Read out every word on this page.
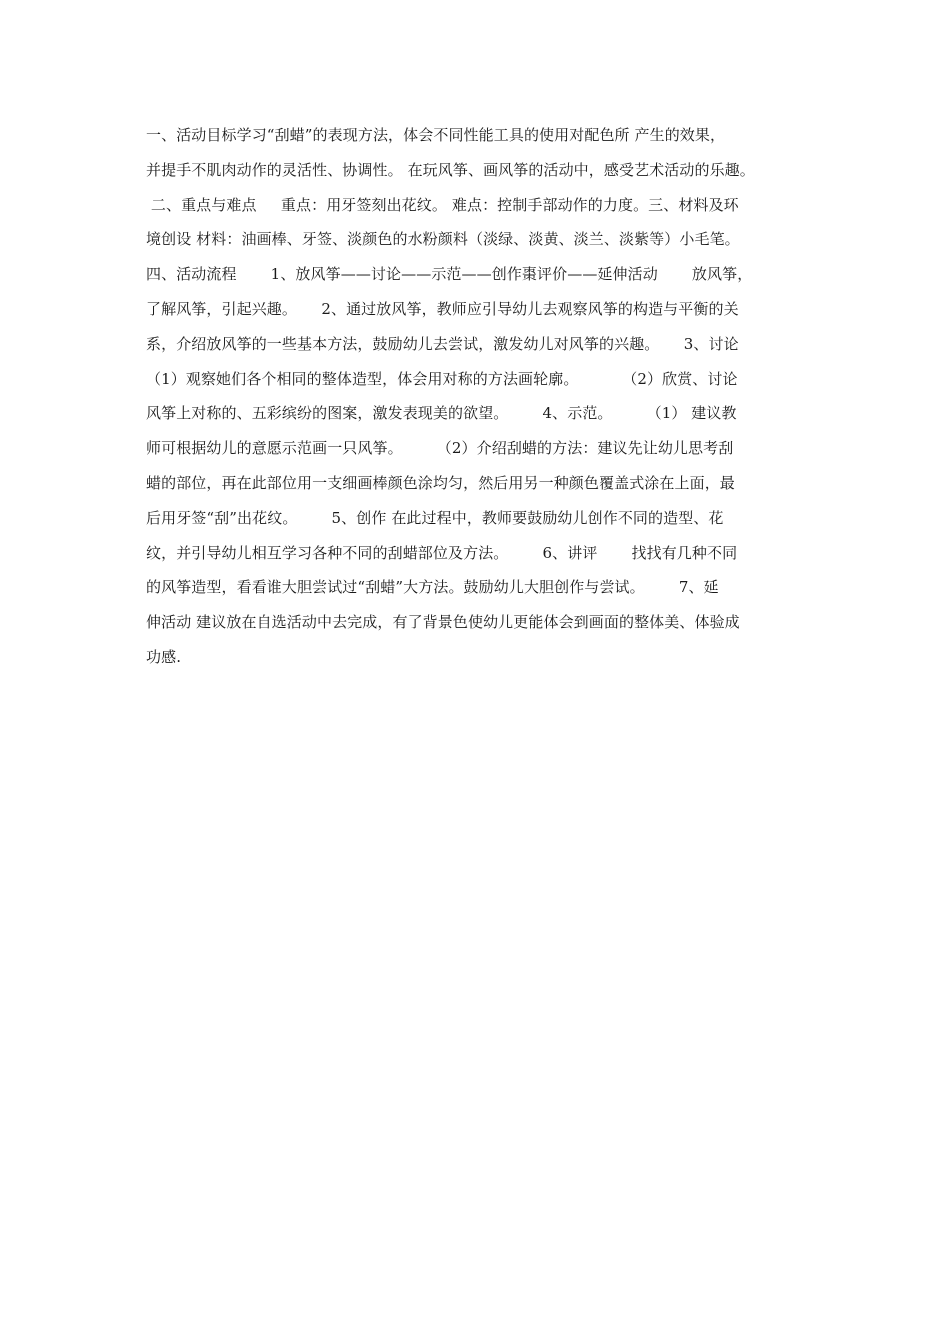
一、活动目标学习“刮蜡”的表现方法，体会不同性能工具的使用对配色所 产生的效果，
并提手不肌肉动作的灵活性、协调性。 在玩风筝、画风筝的活动中，感受艺术活动的乐趣。
二、重点与难点     重点：用牙签刻出花纹。 难点：控制手部动作的力度。三、材料及环
境创设 材料：油画棒、牙签、淡颜色的水粉颜料（淡绿、淡黄、淡兰、淡紫等）小毛笔。
四、活动流程       1、放风筝——讨论——示范——创作棗评价——延伸活动       放风筝，
了解风筝，引起兴趣。     2、通过放风筝，教师应引导幼儿去观察风筝的构造与平衡的关
系，介绍放风筝的一些基本方法，鼓励幼儿去尝试，激发幼儿对风筝的兴趣。     3、讨论
（1）观察她们各个相同的整体造型，体会用对称的方法画轮廓。         （2）欣赏、讨论
风筝上对称的、五彩缤纷的图案，激发表现美的欲望。       4、示范。       （1） 建议教
师可根据幼儿的意愿示范画一只风筝。       （2）介绍刮蜡的方法：建议先让幼儿思考刮
蜡的部位，再在此部位用一支细画棒颜色涂均匀，然后用另一种颜色覆盖式涂在上面，最
后用牙签“刮”出花纹。       5、创作 在此过程中，教师要鼓励幼儿创作不同的造型、花
纹，并引导幼儿相互学习各种不同的刮蜡部位及方法。       6、讲评       找找有几种不同
的风筝造型，看看谁大胆尝试过“刮蜡”大方法。鼓励幼儿大胆创作与尝试。       7、延
伸活动 建议放在自选活动中去完成，有了背景色使幼儿更能体会到画面的整体美、体验成
功感.
